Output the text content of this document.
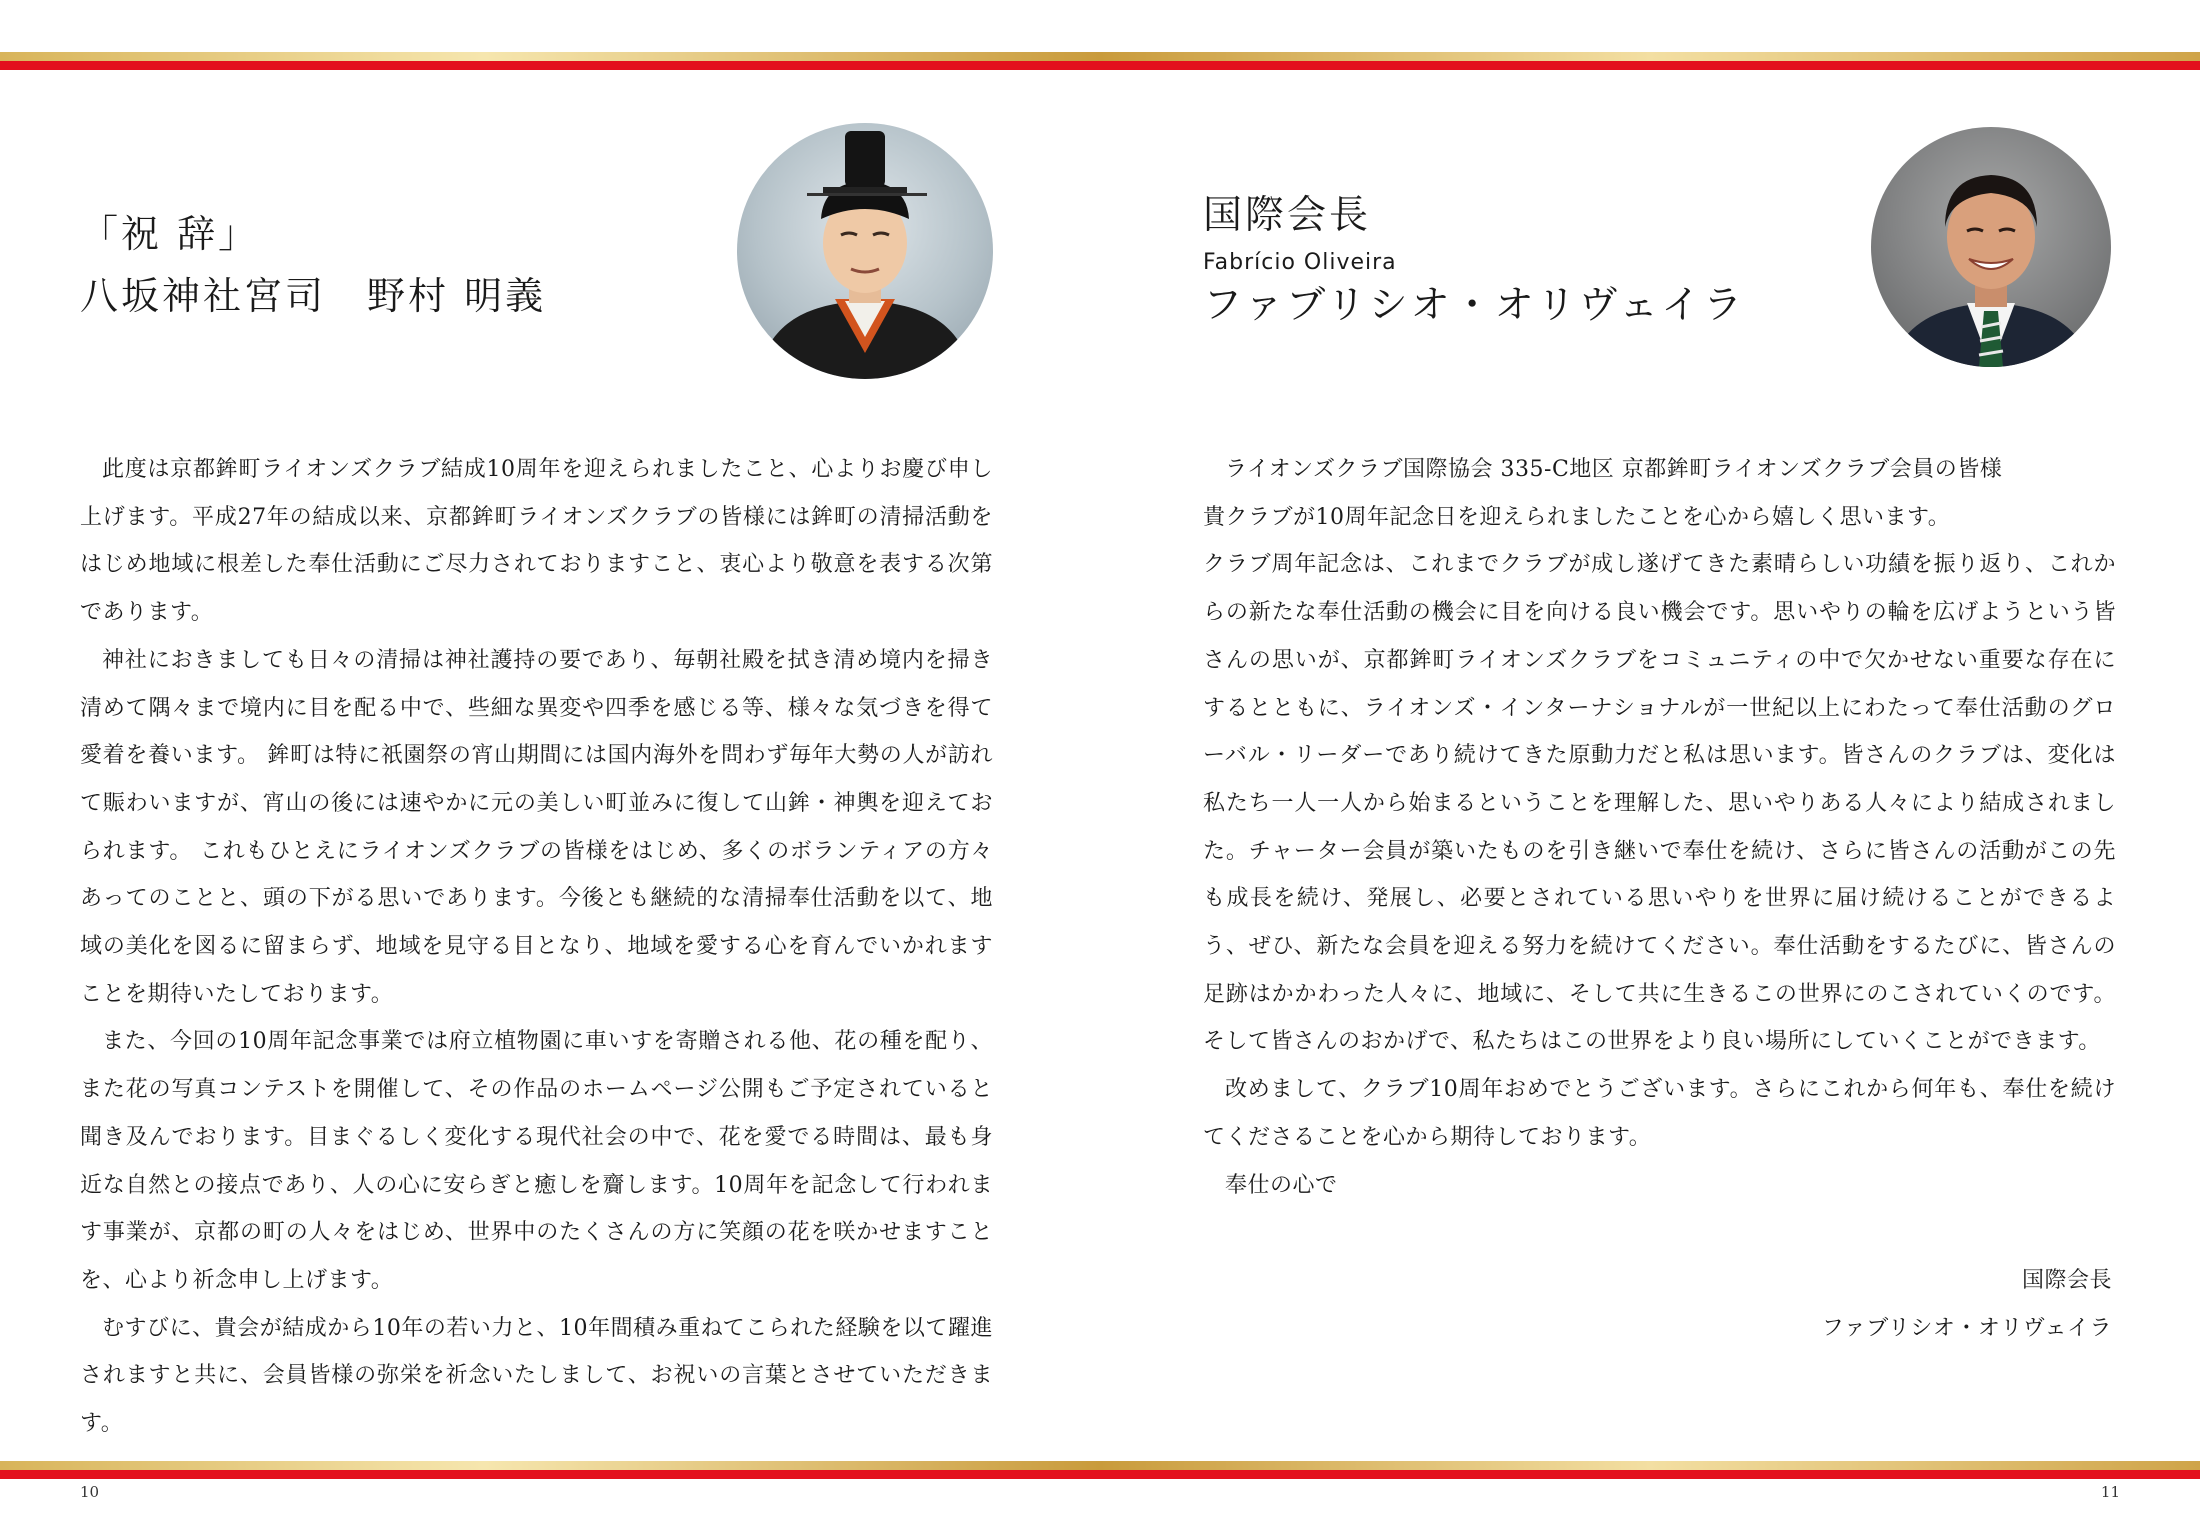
「祝 辞」
八坂神社宮司　野村 明義

此度は京都鉾町ライオンズクラブ結成10周年を迎えられましたこと、心よりお慶び申し上げます。平成27年の結成以来、京都鉾町ライオンズクラブの皆様には鉾町の清掃活動をはじめ地域に根差した奉仕活動にご尽力されておりますこと、衷心より敬意を表する次第であります。

神社におきましても日々の清掃は神社護持の要であり、毎朝社殿を拭き清め境内を掃き清めて隅々まで境内に目を配る中で、些細な異変や四季を感じる等、様々な気づきを得て愛着を養います。 鉾町は特に祇園祭の宵山期間には国内海外を問わず毎年大勢の人が訪れて賑わいますが、宵山の後には速やかに元の美しい町並みに復して山鉾・神輿を迎えておられます。 これもひとえにライオンズクラブの皆様をはじめ、多くのボランティアの方々あってのことと、頭の下がる思いであります。今後とも継続的な清掃奉仕活動を以て、地域の美化を図るに留まらず、地域を見守る目となり、地域を愛する心を育んでいかれますことを期待いたしております。

また、今回の10周年記念事業では府立植物園に車いすを寄贈される他、花の種を配り、また花の写真コンテストを開催して、その作品のホームページ公開もご予定されていると聞き及んでおります。目まぐるしく変化する現代社会の中で、花を愛でる時間は、最も身近な自然との接点であり、人の心に安らぎと癒しを齎します。10周年を記念して行われます事業が、京都の町の人々をはじめ、世界中のたくさんの方に笑顔の花を咲かせますことを、心より祈念申し上げます。

むすびに、貴会が結成から10年の若い力と、10年間積み重ねてこられた経験を以て躍進されますと共に、会員皆様の弥栄を祈念いたしまして、お祝いの言葉とさせていただきます。

10
国際会長
Fabrício Oliveira
ファブリシオ・オリヴェイラ

ライオンズクラブ国際協会 335-C地区 京都鉾町ライオンズクラブ会員の皆様

貴クラブが10周年記念日を迎えられましたことを心から嬉しく思います。

クラブ周年記念は、これまでクラブが成し遂げてきた素晴らしい功績を振り返り、これからの新たな奉仕活動の機会に目を向ける良い機会です。思いやりの輪を広げようという皆さんの思いが、京都鉾町ライオンズクラブをコミュニティの中で欠かせない重要な存在にするとともに、ライオンズ・インターナショナルが一世紀以上にわたって奉仕活動のグローバル・リーダーであり続けてきた原動力だと私は思います。皆さんのクラブは、変化は私たち一人一人から始まるということを理解した、思いやりある人々により結成されました。チャーター会員が築いたものを引き継いで奉仕を続け、さらに皆さんの活動がこの先も成長を続け、発展し、必要とされている思いやりを世界に届け続けることができるよう、ぜひ、新たな会員を迎える努力を続けてください。奉仕活動をするたびに、皆さんの足跡はかかわった人々に、地域に、そして共に生きるこの世界にのこされていくのです。そして皆さんのおかげで、私たちはこの世界をより良い場所にしていくことができます。

改めまして、クラブ10周年おめでとうございます。さらにこれから何年も、奉仕を続けてくださることを心から期待しております。

奉仕の心で

国際会長
ファブリシオ・オリヴェイラ
11
